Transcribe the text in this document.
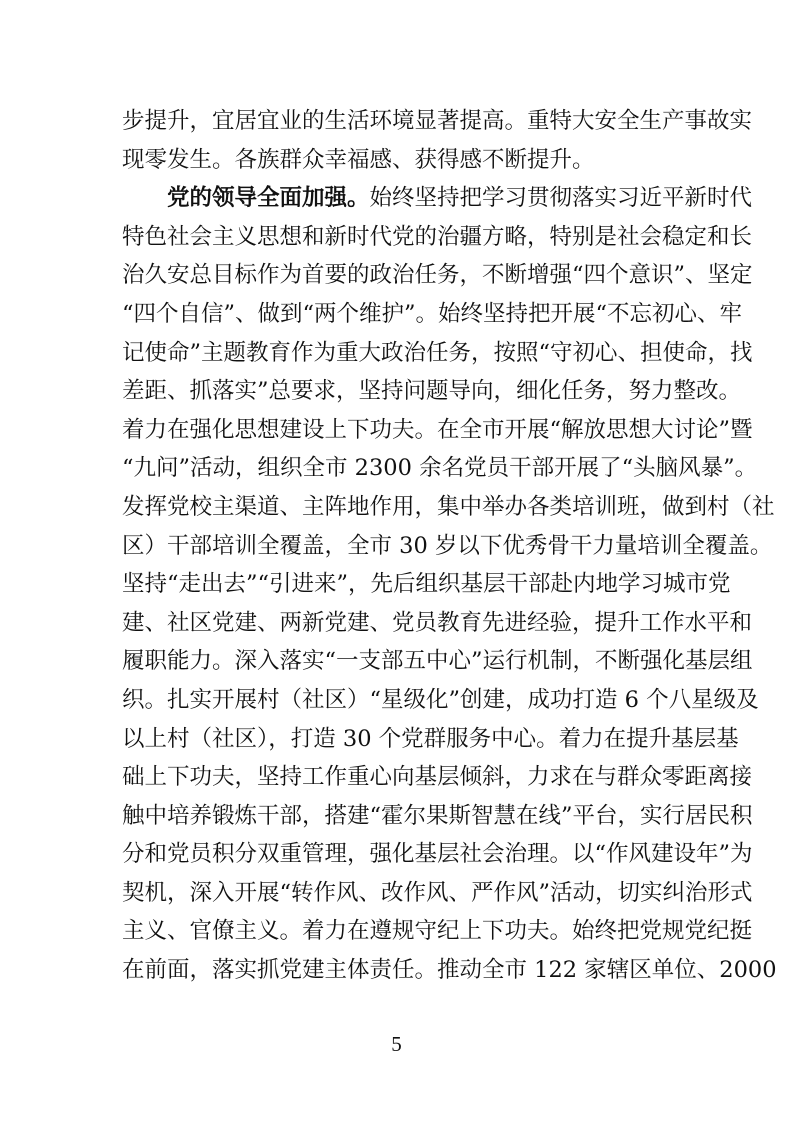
步提升，宜居宜业的生活环境显著提高。重特大安全生产事故实
现零发生。各族群众幸福感、获得感不断提升。
党的领导全面加强。始终坚持把学习贯彻落实习近平新时代
特色社会主义思想和新时代党的治疆方略，特别是社会稳定和长
治久安总目标作为首要的政治任务，不断增强“四个意识”、坚定
“四个自信”、做到“两个维护”。始终坚持把开展“不忘初心、牢
记使命”主题教育作为重大政治任务，按照“守初心、担使命，找
差距、抓落实”总要求，坚持问题导向，细化任务，努力整改。
着力在强化思想建设上下功夫。在全市开展“解放思想大讨论”暨
“九问”活动，组织全市 2300 余名党员干部开展了“头脑风暴”。
发挥党校主渠道、主阵地作用，集中举办各类培训班，做到村（社
区）干部培训全覆盖，全市 30 岁以下优秀骨干力量培训全覆盖。
坚持“走出去”“引进来”，先后组织基层干部赴内地学习城市党
建、社区党建、两新党建、党员教育先进经验，提升工作水平和
履职能力。深入落实“一支部五中心”运行机制，不断强化基层组
织。扎实开展村（社区）“星级化”创建，成功打造 6 个八星级及
以上村（社区），打造 30 个党群服务中心。着力在提升基层基
础上下功夫，坚持工作重心向基层倾斜，力求在与群众零距离接
触中培养锻炼干部，搭建“霍尔果斯智慧在线”平台，实行居民积
分和党员积分双重管理，强化基层社会治理。以“作风建设年”为
契机，深入开展“转作风、改作风、严作风”活动，切实纠治形式
主义、官僚主义。着力在遵规守纪上下功夫。始终把党规党纪挺
在前面，落实抓党建主体责任。推动全市 122 家辖区单位、2000
5
